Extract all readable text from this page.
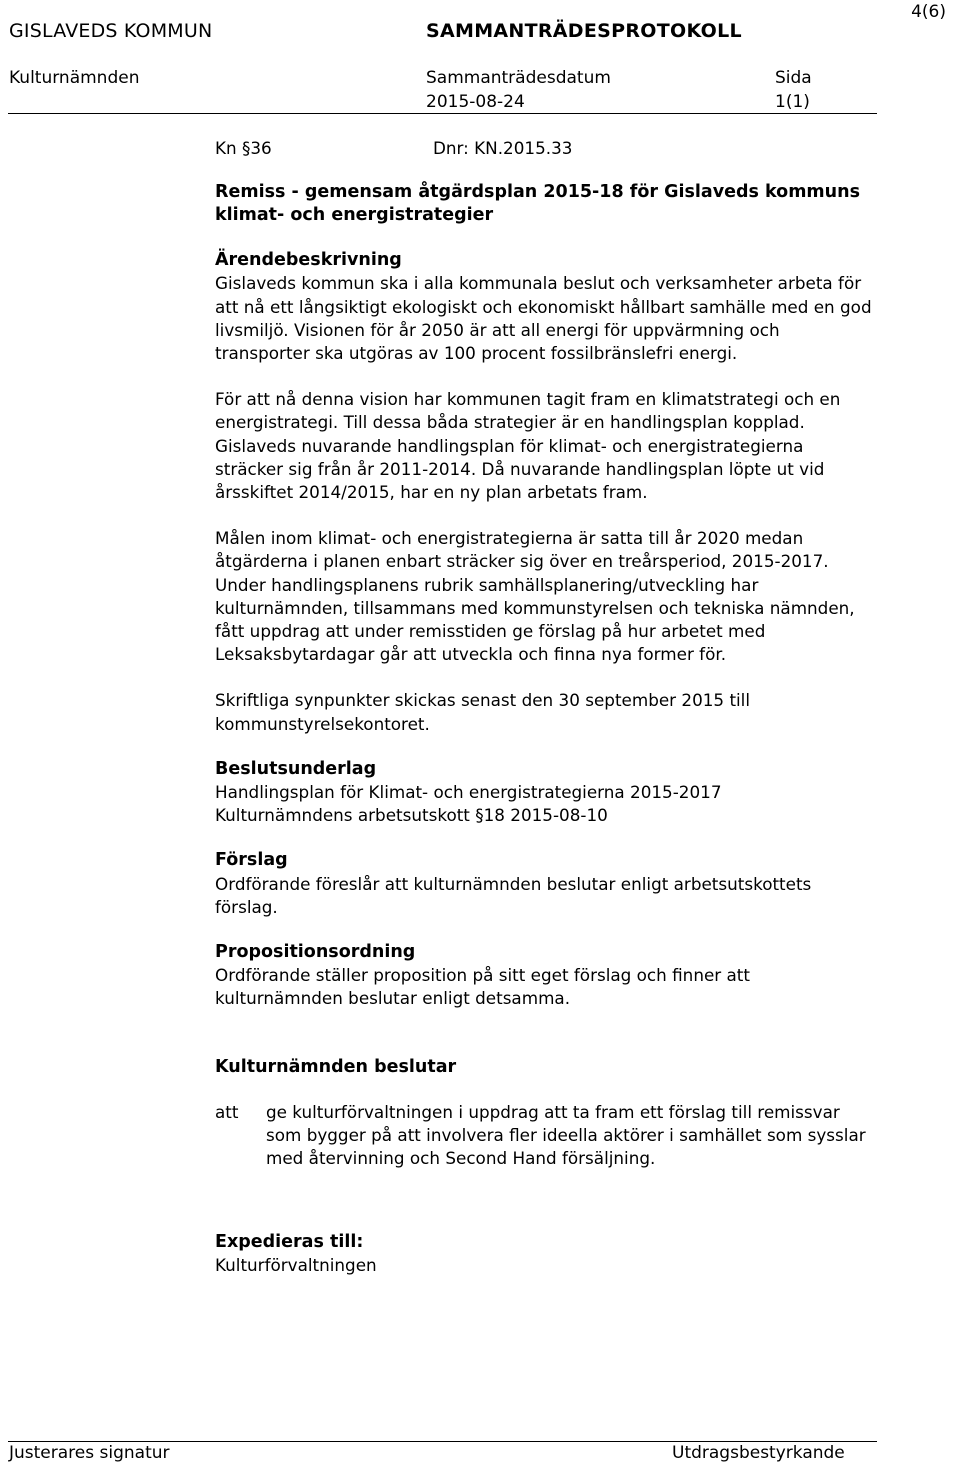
4(6)
GISLAVEDS KOMMUN	SAMMANTRÄDESPROTOKOLL
Kulturnämnden	Sammanträdesdatum	Sida
2015-08-24	1(1)
Kn §36	Dnr: KN.2015.33

Remiss - gemensam åtgärdsplan 2015-18 för Gislaveds kommuns
klimat- och energistrategier

Ärendebeskrivning

Gislaveds kommun ska i alla kommunala beslut och verksamheter arbeta för att nå ett långsiktigt ekologiskt och ekonomiskt hållbart samhälle med en god livsmiljö. Visionen för år 2050 är att all energi för uppvärmning och transporter ska utgöras av 100 procent fossilbränslefri energi.

För att nå denna vision har kommunen tagit fram en klimatstrategi och en energistrategi. Till dessa båda strategier är en handlingsplan kopplad. Gislaveds nuvarande handlingsplan för klimat- och energistrategierna sträcker sig från år 2011-2014. Då nuvarande handlingsplan löpte ut vid årsskiftet 2014/2015, har en ny plan arbetats fram.

Målen inom klimat- och energistrategierna är satta till år 2020 medan åtgärderna i planen enbart sträcker sig över en treårsperiod, 2015-2017. Under handlingsplanens rubrik samhällsplanering/utveckling har kulturnämnden, tillsammans med kommunstyrelsen och tekniska nämnden, fått uppdrag att under remisstiden ge förslag på hur arbetet med Leksaksbytardagar går att utveckla och finna nya former för.

Skriftliga synpunkter skickas senast den 30 september 2015 till kommunstyrelsekontoret.

Beslutsunderlag

Handlingsplan för Klimat- och energistrategierna 2015-2017

Kulturnämndens arbetsutskott §18 2015-08-10

Förslag

Ordförande föreslår att kulturnämnden beslutar enligt arbetsutskottets förslag.

Propositionsordning

Ordförande ställer proposition på sitt eget förslag och finner att kulturnämnden beslutar enligt detsamma.

Kulturnämnden beslutar

att	ge kulturförvaltningen i uppdrag att ta fram ett förslag till remissvar som bygger på att involvera fler ideella aktörer i samhället som sysslar med återvinning och Second Hand försäljning.

Expedieras till:

Kulturförvaltningen

Justerares signatur	Utdragsbestyrkande
